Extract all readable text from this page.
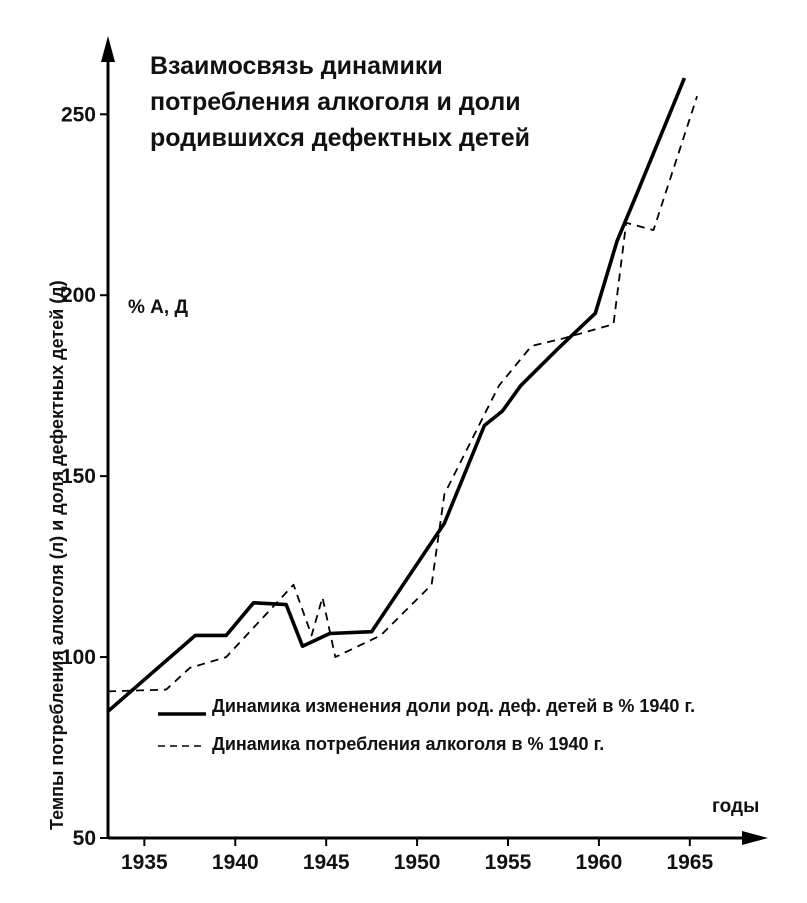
50
100
150
200
250
1935 1940 1945 1950 1955 1960 1965
Взаимосвязь динамики
потребления алкоголя и доли
родившихся дефектных детей
% А, Д
годы
Темпы потребления алкоголя (л) и доля дефектных детей (д)	Динамика изменения доли род. деф. детей в % 1940 г.
Динамика потребления алкоголя в % 1940 г.
